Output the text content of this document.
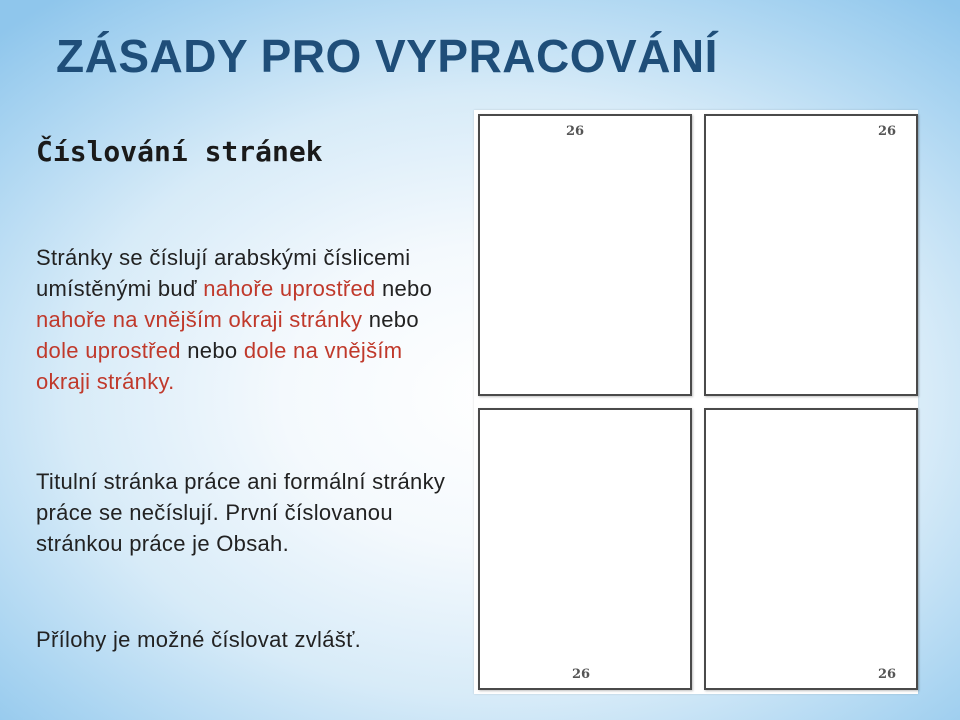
ZÁSADY PRO VYPRACOVÁNÍ
Číslování stránek

Stránky se číslují arabskými číslicemi umístěnými buď nahoře uprostřed nebo nahoře na vnějším okraji stránky nebo dole uprostřed nebo dole na vnějším okraji stránky.

Titulní stránka práce ani formální stránky práce se nečíslují. První číslovanou stránkou práce je Obsah.

Přílohy je možné číslovat zvlášť.

26	26
26	26
